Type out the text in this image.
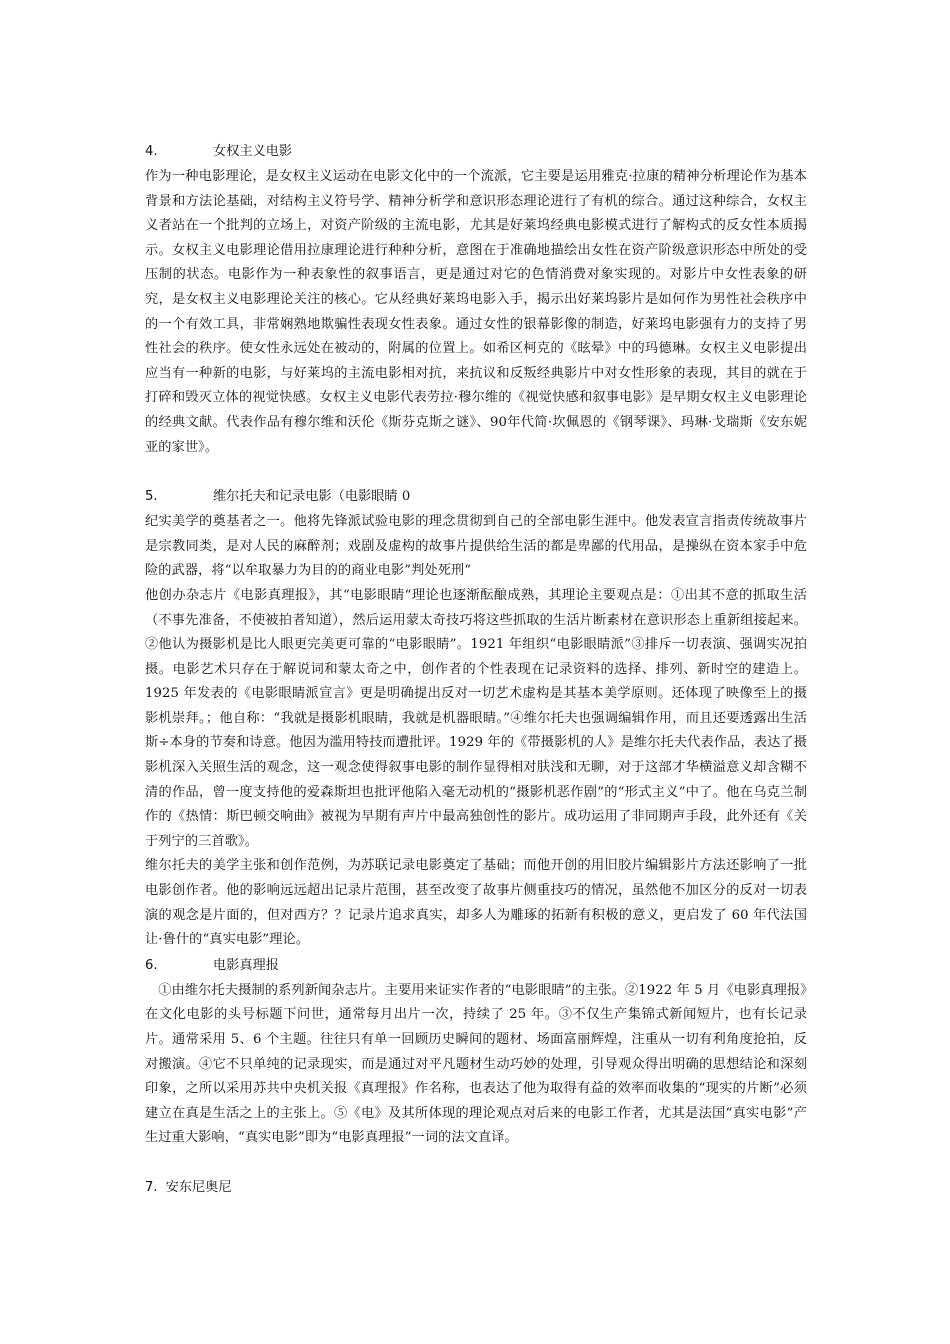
4.	女权主义电影

作为一种电影理论，是女权主义运动在电影文化中的一个流派，它主要是运用雅克·拉康的精神分析理论作为基本背景和方法论基础，对结构主义符号学、精神分析学和意识形态理论进行了有机的综合。通过这种综合，女权主义者站在一个批判的立场上，对资产阶级的主流电影，尤其是好莱坞经典电影模式进行了解构式的反女性本质揭示。女权主义电影理论借用拉康理论进行种种分析，意图在于准确地描绘出女性在资产阶级意识形态中所处的受压制的状态。电影作为一种表象性的叙事语言，更是通过对它的色情消费对象实现的。对影片中女性表象的研究，是女权主义电影理论关注的核心。它从经典好莱坞电影入手，揭示出好莱坞影片是如何作为男性社会秩序中的一个有效工具，非常娴熟地欺骗性表现女性表象。通过女性的银幕影像的制造，好莱坞电影强有力的支持了男性社会的秩序。使女性永远处在被动的，附属的位置上。如希区柯克的《眩晕》中的玛德琳。女权主义电影提出应当有一种新的电影，与好莱坞的主流电影相对抗，来抗议和反叛经典影片中对女性形象的表现，其目的就在于打碎和毁灭立体的视觉快感。女权主义电影代表劳拉·穆尔维的《视觉快感和叙事电影》是早期女权主义电影理论的经典文献。代表作品有穆尔维和沃伦《斯芬克斯之谜》、90年代简·坎佩恩的《钢琴课》、玛琳·戈瑞斯《安东妮亚的家世》。

5.	维尔托夫和记录电影（电影眼睛 0

纪实美学的奠基者之一。他将先锋派试验电影的理念贯彻到自己的全部电影生涯中。他发表宣言指责传统故事片是宗教同类，是对人民的麻醉剂；戏剧及虚构的故事片提供给生活的都是卑鄙的代用品，是操纵在资本家手中危险的武器，将“以牟取暴力为目的的商业电影”判处死刑“

他创办杂志片《电影真理报》，其“电影眼睛“理论也逐渐酝酿成熟，其理论主要观点是：①出其不意的抓取生活（不事先准备，不使被拍者知道），然后运用蒙太奇技巧将这些抓取的生活片断素材在意识形态上重新组接起来。②他认为摄影机是比人眼更完美更可靠的“电影眼睛”。1921 年组织“电影眼睛派”③排斥一切表演、强调实况拍摄。电影艺术只存在于解说词和蒙太奇之中，创作者的个性表现在记录资料的选择、排列、新时空的建造上。1925 年发表的《电影眼睛派宣言》更是明确提出反对一切艺术虚构是其基本美学原则。还体现了映像至上的摄影机崇拜。；他自称：“我就是摄影机眼睛，我就是机器眼睛。”④维尔托夫也强调编辑作用，而且还要透露出生活斯÷本身的节奏和诗意。他因为滥用特技而遭批评。1929 年的《带摄影机的人》是维尔托夫代表作品，表达了摄影机深入关照生活的观念，这一观念使得叙事电影的制作显得相对肤浅和无聊，对于这部才华横溢意义却含糊不清的作品，曾一度支持他的爱森斯坦也批评他陷入毫无动机的“摄影机恶作剧”的“形式主义”中了。他在乌克兰制作的《热情：斯巴顿交响曲》被视为早期有声片中最高独创性的影片。成功运用了非同期声手段，此外还有《关于列宁的三首歌》。

维尔托夫的美学主张和创作范例，为苏联记录电影奠定了基础；而他开创的用旧胶片编辑影片方法还影响了一批电影创作者。他的影响远远超出记录片范围，甚至改变了故事片侧重技巧的情况，虽然他不加区分的反对一切表演的观念是片面的，但对西方？？记录片追求真实，却多人为雕琢的拓新有积极的意义，更启发了 60 年代法国让·鲁什的“真实电影”理论。

6.	电影真理报

①由维尔托夫摄制的系列新闻杂志片。主要用来证实作者的“电影眼睛”的主张。②1922 年 5 月《电影真理报》在文化电影的头号标题下问世，通常每月出片一次，持续了 25 年。③不仅生产集锦式新闻短片，也有长记录片。通常采用 5、6 个主题。往往只有单一回顾历史瞬间的题材、场面富丽辉煌，注重从一切有利角度抢拍，反对搬演。④它不只单纯的记录现实，而是通过对平凡题材生动巧妙的处理，引导观众得出明确的思想结论和深刻印象，之所以采用苏共中央机关报《真理报》作名称，也表达了他为取得有益的效率而收集的“现实的片断”必须建立在真是生活之上的主张上。⑤《电》及其所体现的理论观点对后来的电影工作者，尤其是法国“真实电影”产生过重大影响，“真实电影”即为“电影真理报”一词的法文直译。

7. 安东尼奥尼
